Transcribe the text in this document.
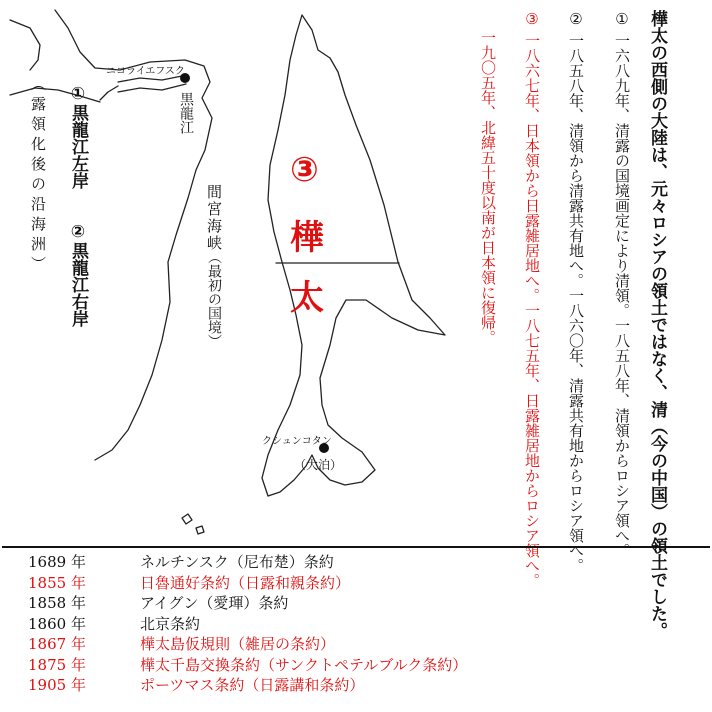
ニコライエフスク
黒龍江
①黒龍江左岸
（露領化後の沿海洲） ②黒龍江右岸
間宮海峡
（最初の国境）
③
樺
太
クシュンコタン
（大泊）	樺太の西側の大陸は、元々ロシアの領土ではなく、清（今の中国）の領土でした。
① 一六八九年、清露の国境画定により清領。一八五八年、清領からロシア領へ。
② 一八五八年、清領から清露共有地へ。一八六〇年、清露共有地からロシア領へ。
③ 一八六七年、日本領から日露雑居地へ。一八七五年、日露雑居地からロシア領へ。
一九〇五年、北緯五十度以南が日本領に復帰。
1689 年	ネルチンスク（尼布楚）条約
1855 年	日魯通好条約（日露和親条約）
1858 年	アイグン（愛琿）条約
1860 年	北京条約
1867 年	樺太島仮規則（雑居の条約）
1875 年	樺太千島交換条約（サンクトペテルブルク条約）
1905 年	ポーツマス条約（日露講和条約）
